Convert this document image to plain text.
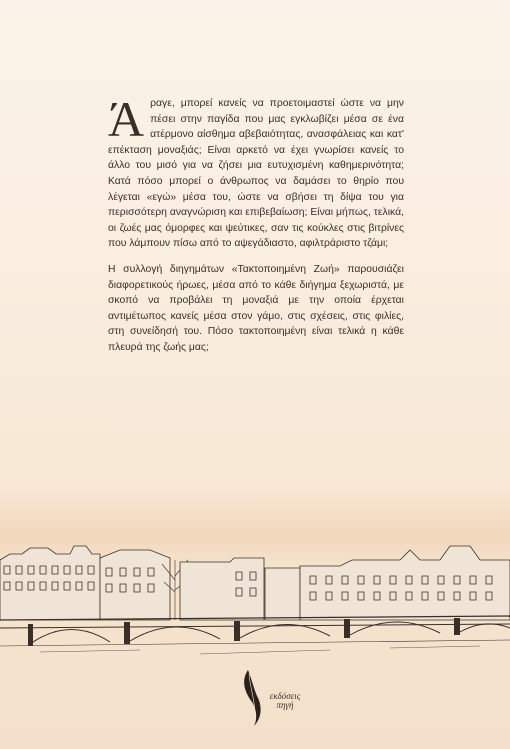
Άραγε, μπορεί κανείς να προετοιμαστεί ώστε να μην πέσει στην παγίδα που μας εγκλωβίζει μέσα σε ένα ατέρμονο αίσθημα αβεβαιότητας, ανασφάλειας και κατ' επέκταση μοναξιάς; Είναι αρκετό να έχει γνωρίσει κανείς το άλλο του μισό για να ζήσει μια ευτυχισμένη καθημερινότητα; Κατά πόσο μπορεί ο άνθρωπος να δαμάσει το θηρίο που λέγεται «εγώ» μέσα του, ώστε να σβήσει τη δίψα του για περισσότερη αναγνώριση και επιβεβαίωση; Είναι μήπως, τελικά, οι ζωές μας όμορφες και ψεύτικες, σαν τις κούκλες στις βιτρίνες που λάμπουν πίσω από το αψεγάδιαστο, αφιλτράριστο τζάμι;

Η συλλογή διηγημάτων «Τακτοποιημένη Ζωή» παρουσιάζει διαφορετικούς ήρωες, μέσα από το κάθε διήγημα ξεχωριστά, με σκοπό να προβάλει τη μοναξιά με την οποία έρχεται αντιμέτωπος κανείς μέσα στον γάμο, στις σχέσεις, στις φιλίες, στη συνείδησή του. Πόσο τακτοποιημένη είναι τελικά η κάθε πλευρά της ζωής μας;

εκδόσεις
πηγή
